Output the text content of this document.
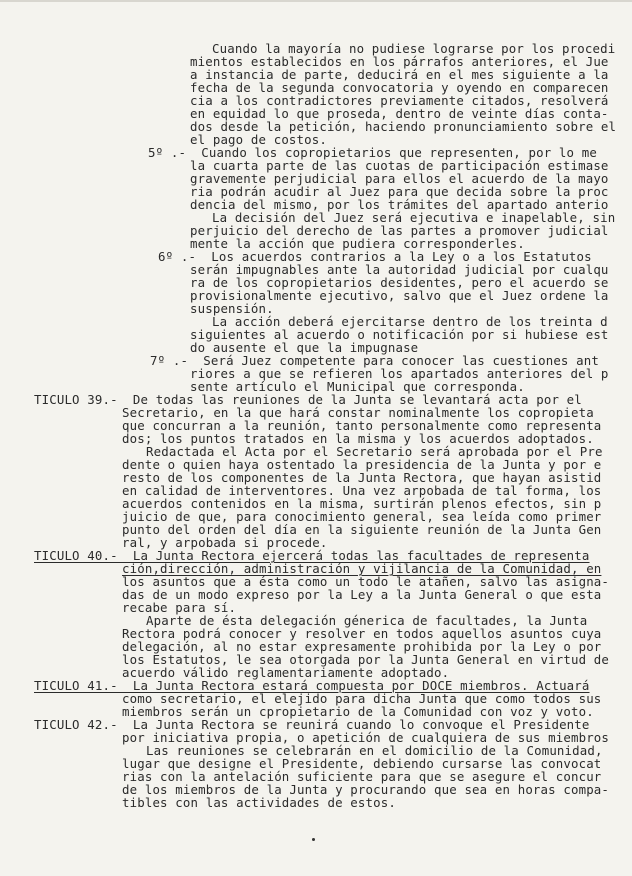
Cuando la mayoría no pudiese lograrse por los procedi
mientos establecidos en los párrafos anteriores, el Jue
a instancia de parte, deducirá en el mes siguiente a la
fecha de la segunda convocatoria y oyendo en comparecen
cia a los contradictores previamente citados, resolverá
en equidad lo que proseda, dentro de veinte días conta-
dos desde la petición, haciendo pronunciamiento sobre el
el pago de costos.
5º .-  Cuando los copropietarios que representen, por lo me
la cuarta parte de las cuotas de participación estimase
gravemente perjudicial para ellos el acuerdo de la mayo
ria podrán acudir al Juez para que decida sobre la proc
dencia del mismo, por los trámites del apartado anterio
La decisión del Juez será ejecutiva e inapelable, sin
perjuicio del derecho de las partes a promover judicial
mente la acción que pudiera corresponderles.
6º .-  Los acuerdos contrarios a la Ley o a los Estatutos
serán impugnables ante la autoridad judicial por cualqu
ra de los copropietarios desidentes, pero el acuerdo se
provisionalmente ejecutivo, salvo que el Juez ordene la
suspensión.
La acción deberá ejercitarse dentro de los treinta d
siguientes al acuerdo o notificación por si hubiese est
do ausente el que la impugnase
7º .-  Será Juez competente para conocer las cuestiones ant
riores a que se refieren los apartados anteriores del p
sente artículo el Municipal que corresponda.
TICULO 39.-  De todas las reuniones de la Junta se levantará acta por el
Secretario, en la que hará constar nominalmente los copropieta
que concurran a la reunión, tanto personalmente como representa
dos; los puntos tratados en la misma y los acuerdos adoptados.
Redactada el Acta por el Secretario será aprobada por el Pre
dente o quien haya ostentado la presidencia de la Junta y por e
resto de los componentes de la Junta Rectora, que hayan asistid
en calidad de interventores. Una vez arpobada de tal forma, los
acuerdos contenidos en la misma, surtirán plenos efectos, sin p
juicio de que, para conocimiento general, sea leída como primer
punto del orden del día en la siguiente reunión de la Junta Gen
ral, y arpobada si procede.
TICULO 40.-  La Junta Rectora ejercerá todas las facultades de representa
ción,dirección, administración y vijilancia de la Comunidad, en
los asuntos que a ésta como un todo le atañen, salvo las asigna-
das de un modo expreso por la Ley a la Junta General o que esta
recabe para sí.
Aparte de ésta delegación génerica de facultades, la Junta
Rectora podrá conocer y resolver en todos aquellos asuntos cuya
delegación, al no estar expresamente prohibida por la Ley o por
los Estatutos, le sea otorgada por la Junta General en virtud de
acuerdo válido reglamentariamente adoptado.
TICULO 41.-  La Junta Rectora estará compuesta por DOCE miembros. Actuará
como secretario, el elejido para dicha Junta que como todos sus
miembros serán un cpropietario de la Comunidad con voz y voto.
TICULO 42.-  La Junta Rectora se reunirá cuando lo convoque el Presidente
por iniciativa propia, o apetición de cualquiera de sus miembros
Las reuniones se celebrarán en el domicilio de la Comunidad,
lugar que designe el Presidente, debiendo cursarse las convocat
rias con la antelación suficiente para que se asegure el concur
de los miembros de la Junta y procurando que sea en horas compa-
tibles con las actividades de estos.
